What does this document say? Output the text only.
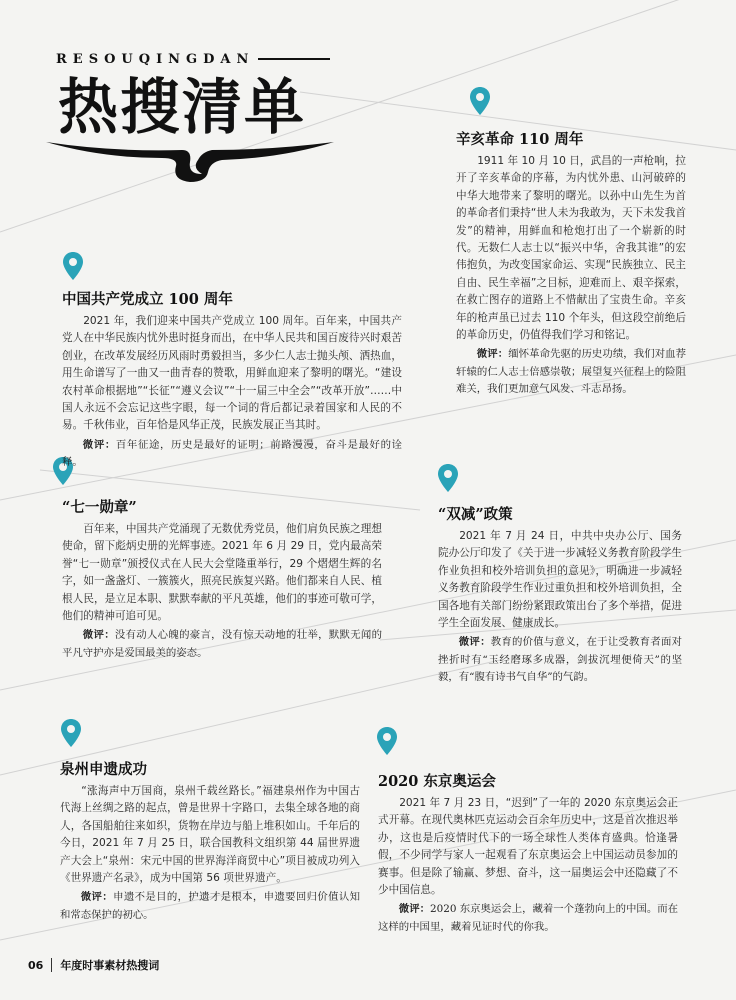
RESOUQINGDAN
热搜清单	辛亥革命 110 周年

1911 年 10 月 10 日，武昌的一声枪响，拉开了辛亥革命的序幕，为内忧外患、山河破碎的中华大地带来了黎明的曙光。以孙中山先生为首的革命者们秉持“世人未为我敢为，天下未发我首发”的精神，用鲜血和枪炮打出了一个崭新的时代。无数仁人志士以“振兴中华，舍我其谁”的宏伟抱负，为改变国家命运、实现“民族独立、民主自由、民生幸福”之目标，迎难而上、艰辛探索，在救亡图存的道路上不惜献出了宝贵生命。辛亥年的枪声虽已过去 110 个年头，但这段空前绝后的革命历史，仍值得我们学习和铭记。

微评：缅怀革命先驱的历史功绩，我们对血荐轩辕的仁人志士倍感崇敬；展望复兴征程上的险阻难关，我们更加意气风发、斗志昂扬。

中国共产党成立 100 周年

2021 年，我们迎来中国共产党成立 100 周年。百年来，中国共产党人在中华民族内忧外患时挺身而出，在中华人民共和国百废待兴时艰苦创业，在改革发展经历风雨时勇毅担当，多少仁人志士抛头颅、洒热血，用生命谱写了一曲又一曲青春的赞歌，用鲜血迎来了黎明的曙光。“建设农村革命根据地”“长征”“遵义会议”“十一届三中全会”“改革开放”……中国人永远不会忘记这些字眼，每一个词的背后都记录着国家和人民的不易。千秋伟业，百年恰是风华正茂，民族发展正当其时。

微评：百年征途，历史是最好的证明；前路漫漫，奋斗是最好的诠释。

“七一勋章”

百年来，中国共产党涌现了无数优秀党员，他们肩负民族之理想使命，留下彪炳史册的光辉事迹。2021 年 6 月 29 日，党内最高荣誉“七一勋章”颁授仪式在人民大会堂隆重举行，29 个熠熠生辉的名字，如一盏盏灯、一簇簇火，照亮民族复兴路。他们都来自人民、植根人民，是立足本职、默默奉献的平凡英雄，他们的事迹可敬可学，他们的精神可追可见。

微评：没有动人心魄的豪言，没有惊天动地的壮举，默默无闻的平凡守护亦是爱国最美的姿态。

“双减”政策

2021 年 7 月 24 日，中共中央办公厅、国务院办公厅印发了《关于进一步减轻义务教育阶段学生作业负担和校外培训负担的意见》，明确进一步减轻义务教育阶段学生作业过重负担和校外培训负担，全国各地有关部门纷纷紧跟政策出台了多个举措，促进学生全面发展、健康成长。

微评：教育的价值与意义，在于让受教育者面对挫折时有“玉经磨琢多成器，剑拔沉埋便倚天”的坚毅，有“腹有诗书气自华”的气韵。

泉州申遗成功

“涨海声中万国商，泉州千载丝路长。”福建泉州作为中国古代海上丝绸之路的起点，曾是世界十字路口，去集全球各地的商人，各国船舶往来如织，货物在岸边与船上堆积如山。千年后的今日，2021 年 7 月 25 日，联合国教科文组织第 44 届世界遗产大会上“泉州：宋元中国的世界海洋商贸中心”项目被成功列入《世界遗产名录》，成为中国第 56 项世界遗产。

微评：申遗不是目的，护遗才是根本，申遗要回归价值认知和常态保护的初心。

2020 东京奥运会

2021 年 7 月 23 日，“迟到”了一年的 2020 东京奥运会正式开幕。在现代奥林匹克运动会百余年历史中，这是首次推迟举办，这也是后疫情时代下的一场全球性人类体育盛典。恰逢暑假，不少同学与家人一起观看了东京奥运会上中国运动员参加的赛事。但是除了输赢、梦想、奋斗，这一届奥运会中还隐藏了不少中国信息。

微评：2020 东京奥运会上，藏着一个蓬勃向上的中国。而在这样的中国里，藏着见证时代的你我。

06 年度时事素材热搜词
